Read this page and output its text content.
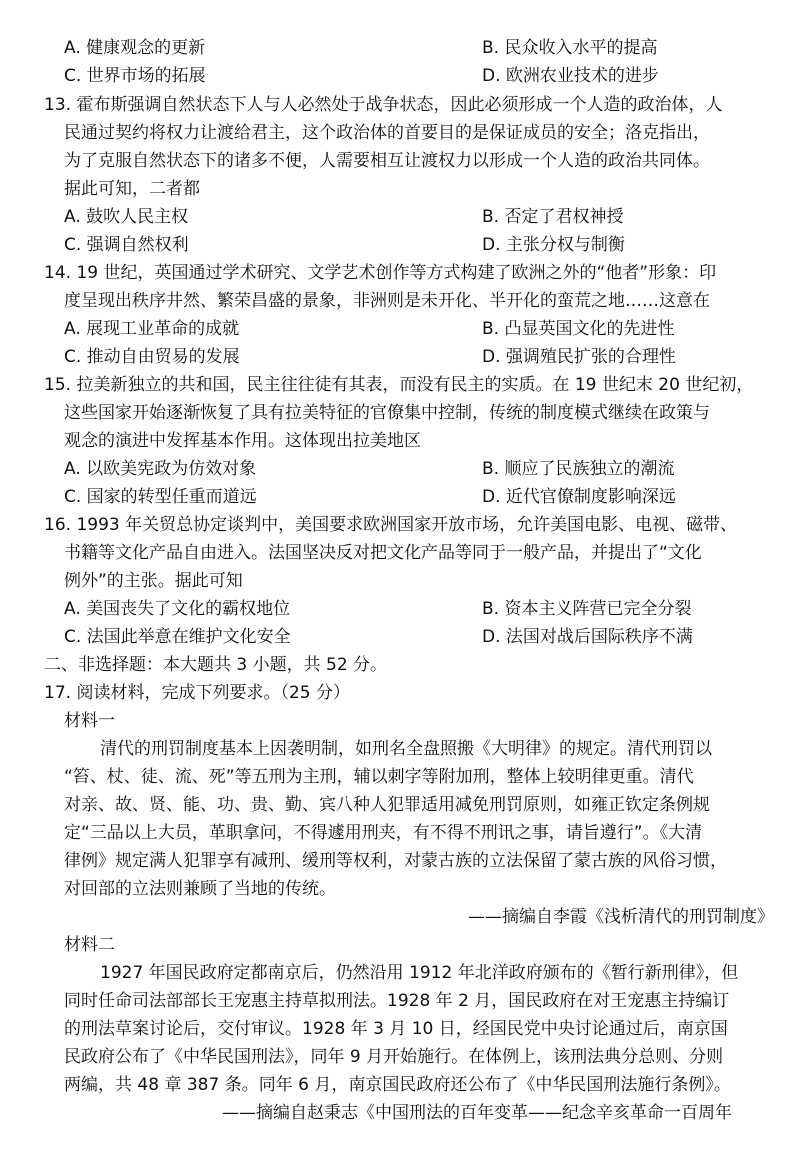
A. 健康观念的更新	B. 民众收入水平的提高
C. 世界市场的拓展	D. 欧洲农业技术的进步
13. 霍布斯强调自然状态下人与人必然处于战争状态，因此必须形成一个人造的政治体，人
民通过契约将权力让渡给君主，这个政治体的首要目的是保证成员的安全；洛克指出，
为了克服自然状态下的诸多不便，人需要相互让渡权力以形成一个人造的政治共同体。
据此可知，二者都
A. 鼓吹人民主权	B. 否定了君权神授
C. 强调自然权利	D. 主张分权与制衡
14. 19 世纪，英国通过学术研究、文学艺术创作等方式构建了欧洲之外的“他者”形象：印
度呈现出秩序井然、繁荣昌盛的景象，非洲则是未开化、半开化的蛮荒之地……这意在
A. 展现工业革命的成就	B. 凸显英国文化的先进性
C. 推动自由贸易的发展	D. 强调殖民扩张的合理性
15. 拉美新独立的共和国，民主往往徒有其表，而没有民主的实质。在 19 世纪末 20 世纪初，
这些国家开始逐渐恢复了具有拉美特征的官僚集中控制，传统的制度模式继续在政策与
观念的演进中发挥基本作用。这体现出拉美地区
A. 以欧美宪政为仿效对象	B. 顺应了民族独立的潮流
C. 国家的转型任重而道远	D. 近代官僚制度影响深远
16. 1993 年关贸总协定谈判中，美国要求欧洲国家开放市场，允许美国电影、电视、磁带、
书籍等文化产品自由进入。法国坚决反对把文化产品等同于一般产品，并提出了“文化
例外”的主张。据此可知
A. 美国丧失了文化的霸权地位	B. 资本主义阵营已完全分裂
C. 法国此举意在维护文化安全	D. 法国对战后国际秩序不满
二、非选择题：本大题共 3 小题，共 52 分。
17. 阅读材料，完成下列要求。（25 分）
材料一
清代的刑罚制度基本上因袭明制，如刑名全盘照搬《大明律》的规定。清代刑罚以
“笞、杖、徒、流、死”等五刑为主刑，辅以刺字等附加刑，整体上较明律更重。清代
对亲、故、贤、能、功、贵、勤、宾八种人犯罪适用减免刑罚原则，如雍正钦定条例规
定“三品以上大员，革职拿问，不得遽用刑夹，有不得不刑讯之事，请旨遵行”。《大清
律例》规定满人犯罪享有减刑、缓刑等权利，对蒙古族的立法保留了蒙古族的风俗习惯，
对回部的立法则兼顾了当地的传统。
——摘编自李霞《浅析清代的刑罚制度》
材料二
1927 年国民政府定都南京后，仍然沿用 1912 年北洋政府颁布的《暂行新刑律》，但
同时任命司法部部长王宠惠主持草拟刑法。1928 年 2 月，国民政府在对王宠惠主持编订
的刑法草案讨论后，交付审议。1928 年 3 月 10 日，经国民党中央讨论通过后，南京国
民政府公布了《中华民国刑法》，同年 9 月开始施行。在体例上，该刑法典分总则、分则
两编，共 48 章 387 条。同年 6 月，南京国民政府还公布了《中华民国刑法施行条例》。
——摘编自赵秉志《中国刑法的百年变革——纪念辛亥革命一百周年
